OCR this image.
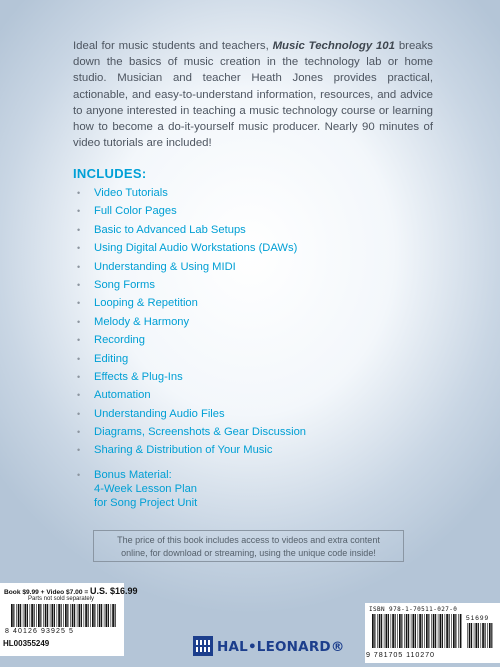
Ideal for music students and teachers, Music Technology 101 breaks down the basics of music creation in the technology lab or home studio. Musician and teacher Heath Jones provides practical, actionable, and easy-to-understand information, resources, and advice to anyone interested in teaching a music technology course or learning how to become a do-it-yourself music producer. Nearly 90 minutes of video tutorials are included!
INCLUDES:
•	Video Tutorials
•	Full Color Pages
•	Basic to Advanced Lab Setups
•	Using Digital Audio Workstations (DAWs)
•	Understanding & Using MIDI
•	Song Forms
•	Looping & Repetition
•	Melody & Harmony
•	Recording
•	Editing
•	Effects & Plug-Ins
•	Automation
•	Understanding Audio Files
•	Diagrams, Screenshots & Gear Discussion
•	Sharing & Distribution of Your Music
•	Bonus Material:
4-Week Lesson Plan
for Song Project Unit
The price of this book includes access to videos and extra content
online, for download or streaming, using the unique code inside!
Book $9.99 + Video $7.00 = U.S. $16.99
Parts not sold separately
8 40126 93925 5
HL00355249	HAL•LEONARD®
ISBN 978-1-70511-027-0
51699
9 781705 110270
